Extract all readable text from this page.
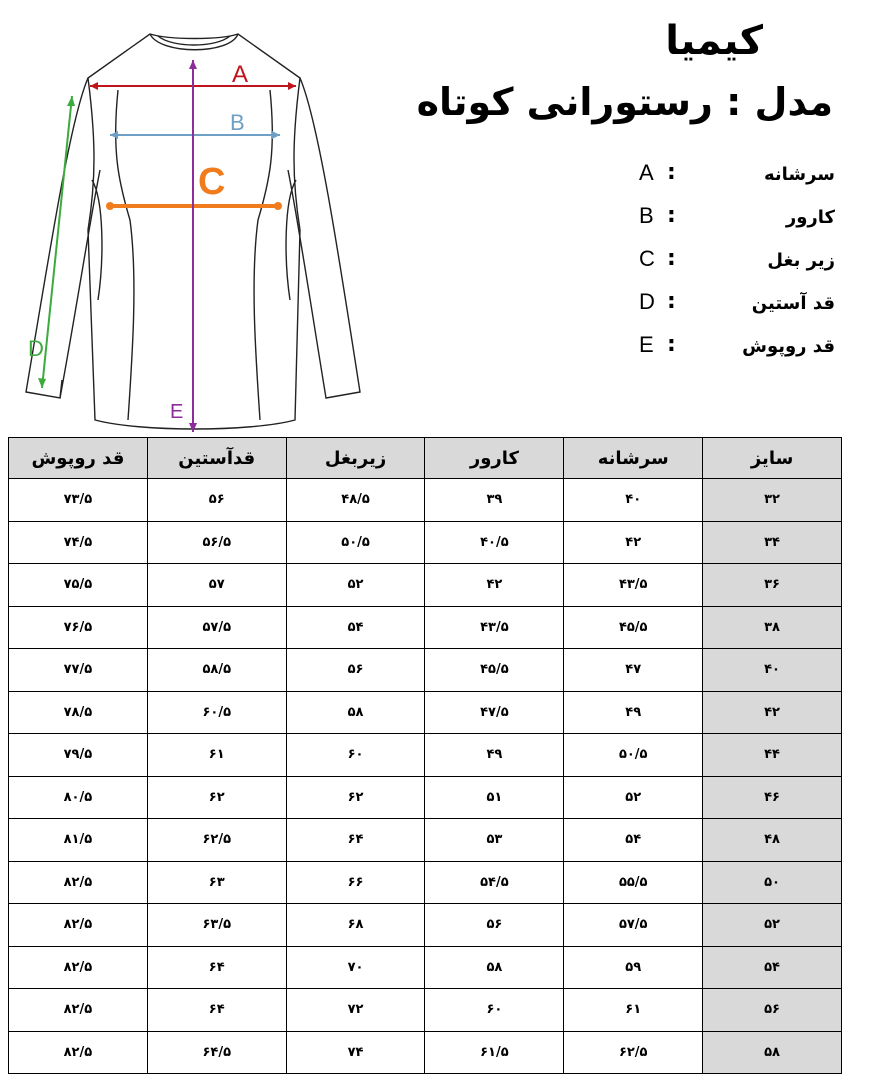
A
B
C
D
E
کیمیا
مدل : رستورانی کوتاه
A :	سرشانه
B :	کارور
C :	زیر بغل
D :	قد آستین
E :	قد روپوش
قد روپوش	قدآستین	زیربغل	کارور	سرشانه	سایز
۷۳/۵	۵۶	۴۸/۵	۳۹	۴۰	۳۲
۷۴/۵	۵۶/۵	۵۰/۵	۴۰/۵	۴۲	۳۴
۷۵/۵	۵۷	۵۲	۴۲	۴۳/۵	۳۶
۷۶/۵	۵۷/۵	۵۴	۴۳/۵	۴۵/۵	۳۸
۷۷/۵	۵۸/۵	۵۶	۴۵/۵	۴۷	۴۰
۷۸/۵	۶۰/۵	۵۸	۴۷/۵	۴۹	۴۲
۷۹/۵	۶۱	۶۰	۴۹	۵۰/۵	۴۴
۸۰/۵	۶۲	۶۲	۵۱	۵۲	۴۶
۸۱/۵	۶۲/۵	۶۴	۵۳	۵۴	۴۸
۸۲/۵	۶۳	۶۶	۵۴/۵	۵۵/۵	۵۰
۸۲/۵	۶۳/۵	۶۸	۵۶	۵۷/۵	۵۲
۸۲/۵	۶۴	۷۰	۵۸	۵۹	۵۴
۸۲/۵	۶۴	۷۲	۶۰	۶۱	۵۶
۸۲/۵	۶۴/۵	۷۴	۶۱/۵	۶۲/۵	۵۸
